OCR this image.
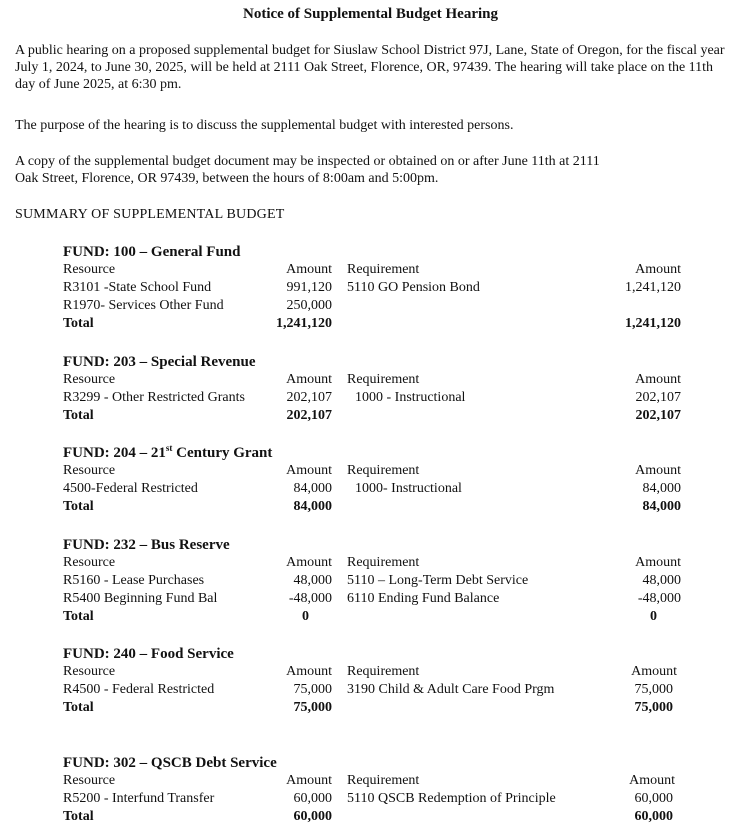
Notice of Supplemental Budget Hearing

A public hearing on a proposed supplemental budget for Siuslaw School District 97J, Lane, State of Oregon, for the fiscal year July 1, 2024, to June 30, 2025, will be held at 2111 Oak Street, Florence, OR, 97439. The hearing will take place on the 11th day of June 2025, at 6:30 pm.

The purpose of the hearing is to discuss the supplemental budget with interested persons.

A copy of the supplemental budget document may be inspected or obtained on or after June 11th at 2111 Oak Street, Florence, OR 97439, between the hours of 8:00am and 5:00pm.

SUMMARY OF SUPPLEMENTAL BUDGET
FUND: 100 – General Fund
Resource	Amount Requirement	Amount
R3101 -State School Fund	991,120 5110 GO Pension Bond	1,241,120
R1970- Services Other Fund	250,000
Total	1,241,120	1,241,120
FUND: 203 – Special Revenue
Resource	Amount Requirement	Amount
R3299 - Other Restricted Grants	202,107 1000 - Instructional	202,107
Total	202,107	202,107
FUND: 204 – 21st Century Grant
Resource	Amount Requirement	Amount
4500-Federal Restricted	84,000 1000- Instructional	84,000
Total	84,000	84,000
FUND: 232 – Bus Reserve
Resource	Amount Requirement	Amount
R5160 - Lease Purchases	48,000 5110 – Long-Term Debt Service	48,000
R5400 Beginning Fund Bal	-48,000 6110 Ending Fund Balance	-48,000
Total	0	0
FUND: 240 – Food Service
Resource	Amount Requirement	Amount
R4500 - Federal Restricted	75,000 3190 Child & Adult Care Food Prgm	75,000
Total	75,000	75,000
FUND: 302 – QSCB Debt Service
Resource	Amount Requirement	Amount
R5200 - Interfund Transfer	60,000 5110 QSCB Redemption of Principle	60,000
Total	60,000	60,000
